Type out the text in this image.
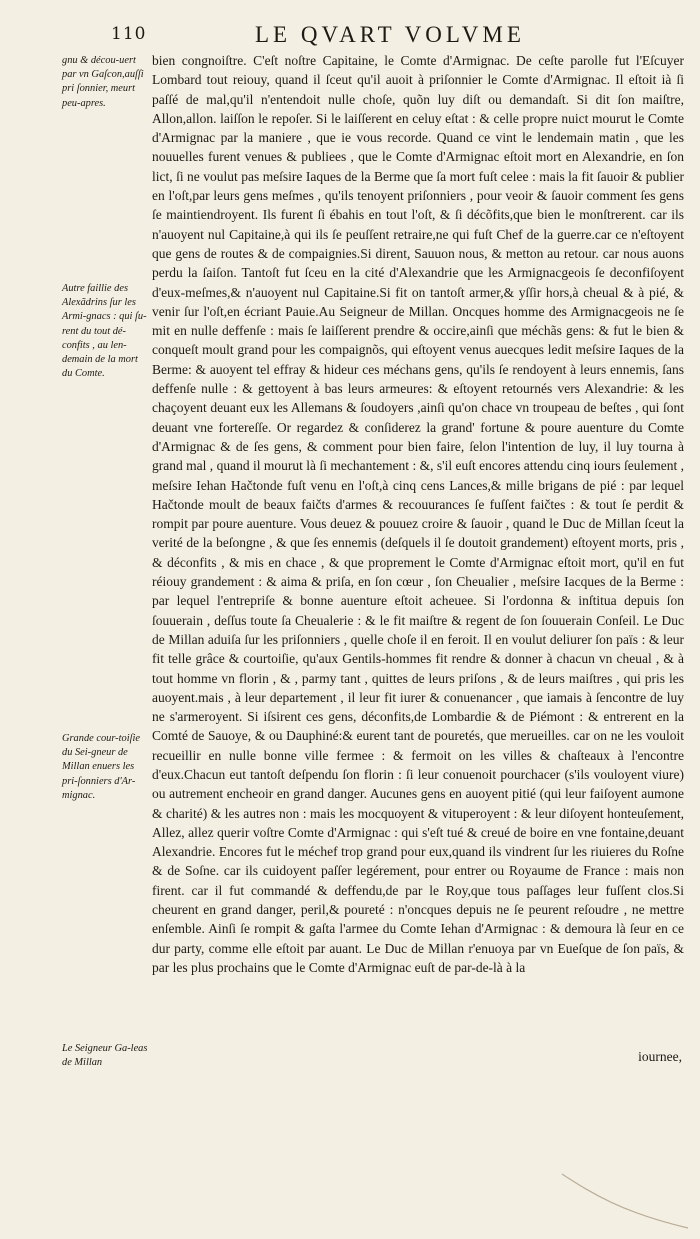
110	LE QVART VOLVME
gnu & décou-uert par vn Gaſcon,auſſi pri ſonnier, meurt peu-apres.
Autre faillie des Alexãdrins ſur les Armi-gnacs : qui ſu-rent du tout dé-confits , au len-demain de la mort du Comte.
Grande cour-toiſie du Sei-gneur de Millan enuers les pri-ſonniers d'Ar-mignac.
Le Seigneur Ga-leas de Millan

bien congnoiſtre. C'eſt noſtre Capitaine, le Comte d'Armignac. De ceſte parolle fut l'Eſcuyer Lombard tout reiouy, quand il ſceut qu'il auoit à priſonnier le Comte d'Armignac. Il eſtoit ià ſi paſſé de mal,qu'il n'entendoit nulle choſe, quõn luy diſt ou demandaſt. Si dit ſon maiſtre, Allon,allon. laiſſon le repoſer. Si le laiſſerent en celuy eſtat : & celle propre nuict mourut le Comte d'Armignac par la maniere , que ie vous recorde. Quand ce vint le lendemain matin , que les nouuelles furent venues & publiees , que le Comte d'Armignac eſtoit mort en Alexandrie, en ſon lict, ſi ne voulut pas meſsire Iaques de la Berme que ſa mort fuſt celee : mais la fit ſauoir & publier en l'oſt,par leurs gens meſmes , qu'ils tenoyent priſonniers , pour veoir & ſauoir comment ſes gens ſe maintiendroyent. Ils furent ſi ébahis en tout l'oſt, & ſi décõfits,que bien le monſtrerent. car ils n'auoyent nul Capitaine,à qui ils ſe peuſſent retraire,ne qui fuſt Chef de la guerre.car ce n'eſtoyent que gens de routes & de compaignies.Si dirent, Sauuon nous, & metton au retour. car nous auons perdu la ſaiſon. Tantoſt fut ſceu en la cité d'Alexandrie que les Armignacgeois ſe deconfiſoyent d'eux-meſmes,& n'auoyent nul Capitaine.Si fit on tantoſt armer,& yſſir hors,à cheual & à pié, & venir ſur l'oſt,en écriant Pauie.Au Seigneur de Millan. Oncques homme des Armignacgeois ne ſe mit en nulle deffenſe : mais ſe laiſſerent prendre & occire,ainſi que méchãs gens: & fut le bien & conqueſt moult grand pour les compaignõs, qui eſtoyent venus auecques ledit meſsire Iaques de la Berme: & auoyent tel effray & hideur ces méchans gens, qu'ils ſe rendoyent à leurs ennemis, ſans deffenſe nulle : & gettoyent à bas leurs armeures: & eſtoyent retournés vers Alexandrie: & les chaçoyent deuant eux les Allemans & ſoudoyers ,ainſi qu'on chace vn troupeau de beſtes , qui ſont deuant vne fortereſſe. Or regardez & conſiderez la grand' fortune & poure auenture du Comte d'Armignac & de ſes gens, & comment pour bien faire, ſelon l'intention de luy, il luy tourna à grand mal , quand il mourut là ſi mechantement : &, s'il euſt encores attendu cinq iours ſeulement , meſsire Iehan Hačtonde fuſt venu en l'oſt,à cinq cens Lances,& mille brigans de pié : par lequel Hačtonde moult de beaux faičts d'armes & recouurances ſe fuſſent faičtes : & tout ſe perdit & rompit par poure auenture. Vous deuez & pouuez croire & ſauoir , quand le Duc de Millan ſceut la verité de la beſongne , & que ſes ennemis (deſquels il ſe doutoit grandement) eſtoyent morts, pris , & déconfits , & mis en chace , & que proprement le Comte d'Armignac eſtoit mort, qu'il en fut réiouy grandement : & aima & priſa, en ſon cœur , ſon Cheualier , meſsire Iacques de la Berme : par lequel l'entrepriſe & bonne auenture eſtoit acheuee. Si l'ordonna & inſtitua depuis ſon ſouuerain , deſſus toute ſa Cheualerie : & le fit maiſtre & regent de ſon ſouuerain Conſeil. Le Duc de Millan aduiſa ſur les priſonniers , quelle choſe il en feroit. Il en voulut deliurer ſon païs : & leur fit telle grâce & courtoiſie, qu'aux Gentils-hommes fit rendre & donner à chacun vn cheual , & à tout homme vn florin , & , parmy tant , quittes de leurs priſons , & de leurs maiſtres , qui pris les auoyent.mais , à leur departement , il leur fit iurer & conuenancer , que iamais à ſencontre de luy ne s'armeroyent. Si iſsirent ces gens, déconfits,de Lombardie & de Piémont : & entrerent en la Comté de Sauoye, & ou Dauphiné:& eurent tant de pouretés, que merueilles. car on ne les vouloit recueillir en nulle bonne ville fermee : & fermoit on les villes & chaſteaux à l'encontre d'eux.Chacun eut tantoſt deſpendu ſon florin : ſi leur conuenoit pourchacer (s'ils vouloyent viure) ou autrement encheoir en grand danger. Aucunes gens en auoyent pitié (qui leur faiſoyent aumone & charité) & les autres non : mais les mocquoyent & vituperoyent : & leur diſoyent honteuſement, Allez, allez querir voſtre Comte d'Armignac : qui s'eſt tué & creué de boire en vne fontaine,deuant Alexandrie. Encores fut le méchef trop grand pour eux,quand ils vindrent ſur les riuieres du Roſne & de Soſne. car ils cuidoyent paſſer legérement, pour entrer ou Royaume de France : mais non firent. car il fut commandé & deffendu,de par le Roy,que tous paſſages leur fuſſent clos.Si cheurent en grand danger, peril,& poureté : n'oncques depuis ne ſe peurent reſoudre , ne mettre enſemble. Ainſi ſe rompit & gaſta l'armee du Comte Iehan d'Armignac : & demoura là ſeur en ce dur party, comme elle eſtoit par auant. Le Duc de Millan r'enuoya par vn Eueſque de ſon païs, & par les plus prochains que le Comte d'Armignac euſt de par-de-là à la

iournee,
